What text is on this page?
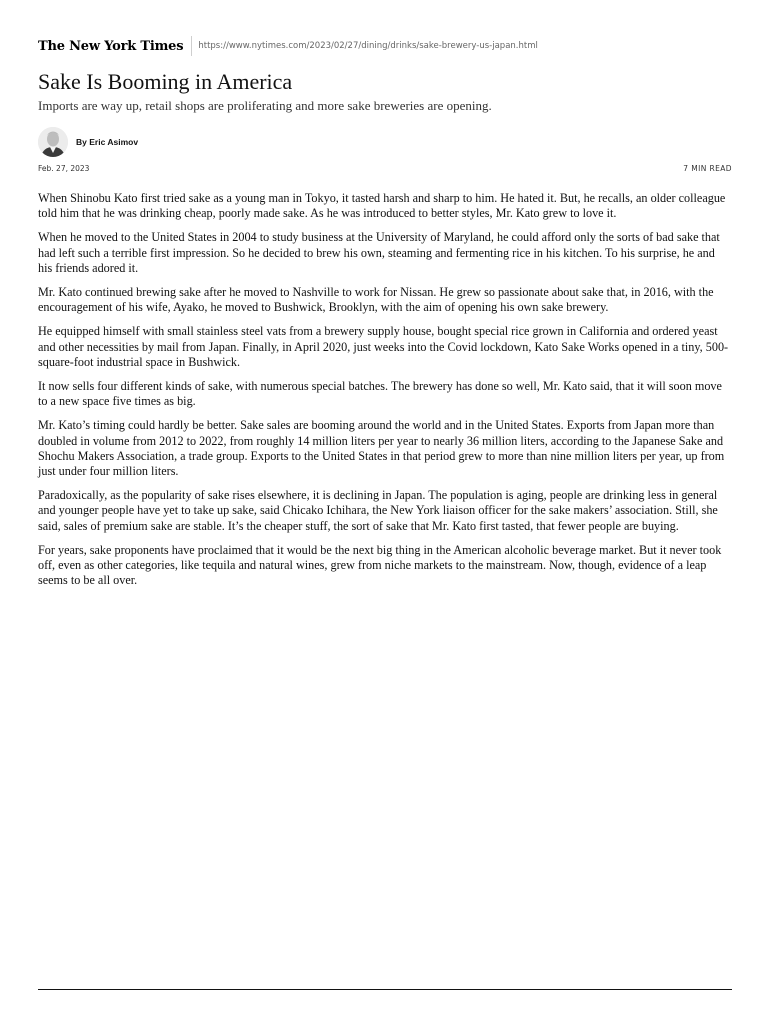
The New York Times https://www.nytimes.com/2023/02/27/dining/drinks/sake-brewery-us-japan.html
Sake Is Booming in America

Imports are way up, retail shops are proliferating and more sake breweries are opening.

By Eric Asimov
Feb. 27, 2023	7 MIN READ

When Shinobu Kato first tried sake as a young man in Tokyo, it tasted harsh and sharp to him. He hated it. But, he recalls, an older colleague told him that he was drinking cheap, poorly made sake. As he was introduced to better styles, Mr. Kato grew to love it.

When he moved to the United States in 2004 to study business at the University of Maryland, he could afford only the sorts of bad sake that had left such a terrible first impression. So he decided to brew his own, steaming and fermenting rice in his kitchen. To his surprise, he and his friends adored it.

Mr. Kato continued brewing sake after he moved to Nashville to work for Nissan. He grew so passionate about sake that, in 2016, with the encouragement of his wife, Ayako, he moved to Bushwick, Brooklyn, with the aim of opening his own sake brewery.

He equipped himself with small stainless steel vats from a brewery supply house, bought special rice grown in California and ordered yeast and other necessities by mail from Japan. Finally, in April 2020, just weeks into the Covid lockdown, Kato Sake Works opened in a tiny, 500-square-foot industrial space in Bushwick.

It now sells four different kinds of sake, with numerous special batches. The brewery has done so well, Mr. Kato said, that it will soon move to a new space five times as big.

Mr. Kato’s timing could hardly be better. Sake sales are booming around the world and in the United States. Exports from Japan more than doubled in volume from 2012 to 2022, from roughly 14 million liters per year to nearly 36 million liters, according to the Japanese Sake and Shochu Makers Association, a trade group. Exports to the United States in that period grew to more than nine million liters per year, up from just under four million liters.

Paradoxically, as the popularity of sake rises elsewhere, it is declining in Japan. The population is aging, people are drinking less in general and younger people have yet to take up sake, said Chicako Ichihara, the New York liaison officer for the sake makers’ association. Still, she said, sales of premium sake are stable. It’s the cheaper stuff, the sort of sake that Mr. Kato first tasted, that fewer people are buying.

For years, sake proponents have proclaimed that it would be the next big thing in the American alcoholic beverage market. But it never took off, even as other categories, like tequila and natural wines, grew from niche markets to the mainstream. Now, though, evidence of a leap seems to be all over.
